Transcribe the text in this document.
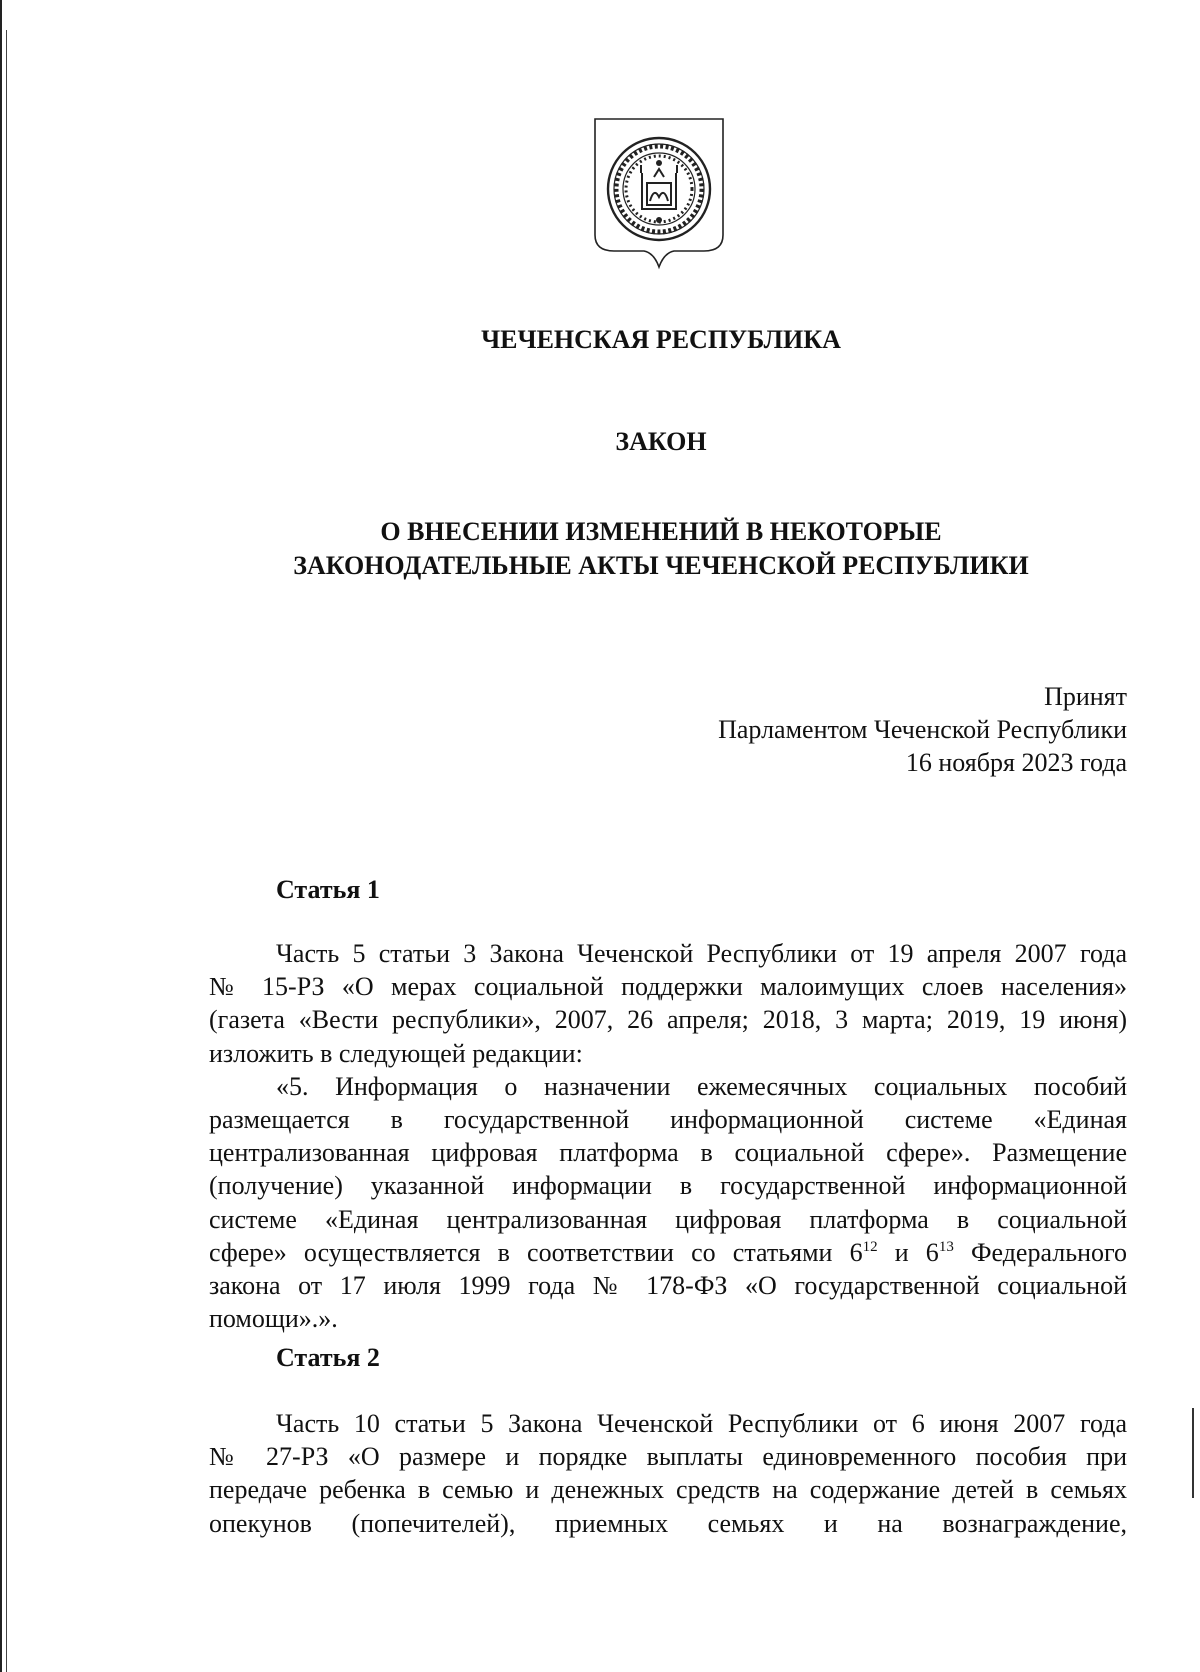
ЧЕЧЕНСКАЯ РЕСПУБЛИКА
ЗАКОН
О ВНЕСЕНИИ ИЗМЕНЕНИЙ В НЕКОТОРЫЕ
ЗАКОНОДАТЕЛЬНЫЕ АКТЫ ЧЕЧЕНСКОЙ РЕСПУБЛИКИ
Принят
Парламентом Чеченской Республики
16 ноября 2023 года
Статья 1
Часть 5 статьи 3 Закона Чеченской Республики от 19 апреля 2007 года
№ 15-РЗ «О мерах социальной поддержки малоимущих слоев населения»
(газета «Вести республики», 2007, 26 апреля; 2018, 3 марта; 2019, 19 июня)
изложить в следующей редакции:
«5. Информация о назначении ежемесячных социальных пособий
размещается в государственной информационной системе «Единая
централизованная цифровая платформа в социальной сфере». Размещение
(получение) указанной информации в государственной информационной
системе «Единая централизованная цифровая платформа в социальной
сфере» осуществляется в соответствии со статьями $6^{12}$ и $6^{13}$ Федерального
закона от 17 июля 1999 года № 178-ФЗ «О государственной социальной
помощи».».
Статья 2
Часть 10 статьи 5 Закона Чеченской Республики от 6 июня 2007 года
№ 27-РЗ «О размере и порядке выплаты единовременного пособия при
передаче ребенка в семью и денежных средств на содержание детей в семьях
опекунов (попечителей), приемных семьях и на вознаграждение,
